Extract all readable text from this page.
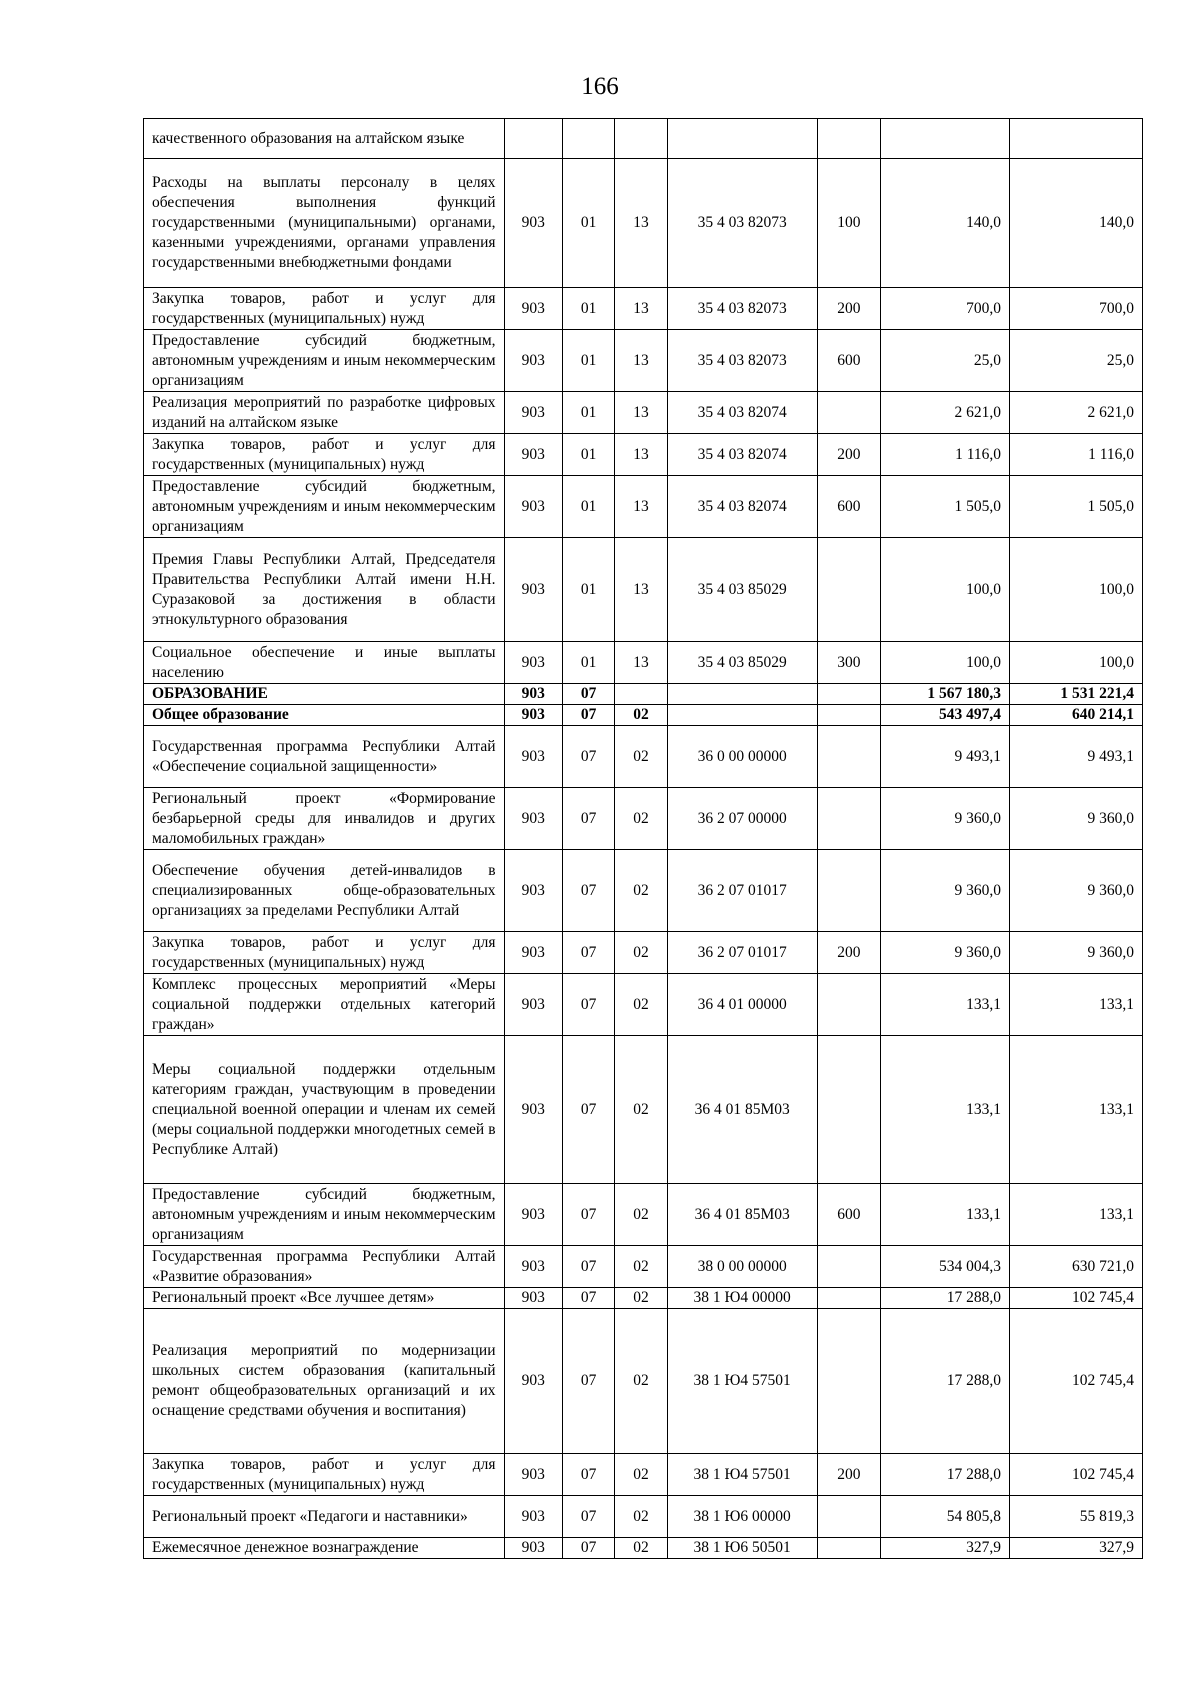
166
качественного образования на алтайском языке							
Расходы на выплаты персоналу в целях обеспечения выполнения функций государственными (муниципальными) органами, казенными учреждениями, органами управления государственными внебюджетными фондами	903	01	13	35 4 03 82073	100	140,0	140,0
Закупка товаров, работ и услуг для государственных (муниципальных) нужд	903	01	13	35 4 03 82073	200	700,0	700,0
Предоставление субсидий бюджетным, автономным учреждениям и иным некоммерческим организациям	903	01	13	35 4 03 82073	600	25,0	25,0
Реализация мероприятий по разработке цифровых изданий на алтайском языке	903	01	13	35 4 03 82074		2 621,0	2 621,0
Закупка товаров, работ и услуг для государственных (муниципальных) нужд	903	01	13	35 4 03 82074	200	1 116,0	1 116,0
Предоставление субсидий бюджетным, автономным учреждениям и иным некоммерческим организациям	903	01	13	35 4 03 82074	600	1 505,0	1 505,0
Премия Главы Республики Алтай, Председателя Правительства Республики Алтай имени Н.Н. Суразаковой за достижения в области этнокультурного образования	903	01	13	35 4 03 85029		100,0	100,0
Социальное обеспечение и иные выплаты населению	903	01	13	35 4 03 85029	300	100,0	100,0
ОБРАЗОВАНИЕ	903	07				1 567 180,3	1 531 221,4
Общее образование	903	07	02			543 497,4	640 214,1
Государственная программа Республики Алтай «Обеспечение социальной защищенности»	903	07	02	36 0 00 00000		9 493,1	9 493,1
Региональный проект «Формирование безбарьерной среды для инвалидов и других маломобильных граждан»	903	07	02	36 2 07 00000		9 360,0	9 360,0
Обеспечение обучения детей-инвалидов в специализированных обще-образовательных организациях за пределами Республики Алтай	903	07	02	36 2 07 01017		9 360,0	9 360,0
Закупка товаров, работ и услуг для государственных (муниципальных) нужд	903	07	02	36 2 07 01017	200	9 360,0	9 360,0
Комплекс процессных мероприятий «Меры социальной поддержки отдельных категорий граждан»	903	07	02	36 4 01 00000		133,1	133,1
Меры социальной поддержки отдельным категориям граждан, участвующим в проведении специальной военной операции и членам их семей (меры социальной поддержки многодетных семей в Республике Алтай)	903	07	02	36 4 01 85М03		133,1	133,1
Предоставление субсидий бюджетным, автономным учреждениям и иным некоммерческим организациям	903	07	02	36 4 01 85М03	600	133,1	133,1
Государственная программа Республики Алтай «Развитие образования»	903	07	02	38 0 00 00000		534 004,3	630 721,0
Региональный проект «Все лучшее детям»	903	07	02	38 1 Ю4 00000		17 288,0	102 745,4
Реализация мероприятий по модернизации школьных систем образования (капитальный ремонт общеобразовательных организаций и их оснащение средствами обучения и воспитания)	903	07	02	38 1 Ю4 57501		17 288,0	102 745,4
Закупка товаров, работ и услуг для государственных (муниципальных) нужд	903	07	02	38 1 Ю4 57501	200	17 288,0	102 745,4
Региональный проект «Педагоги и наставники»	903	07	02	38 1 Ю6 00000		54 805,8	55 819,3
Ежемесячное денежное вознаграждение	903	07	02	38 1 Ю6 50501		327,9	327,9
